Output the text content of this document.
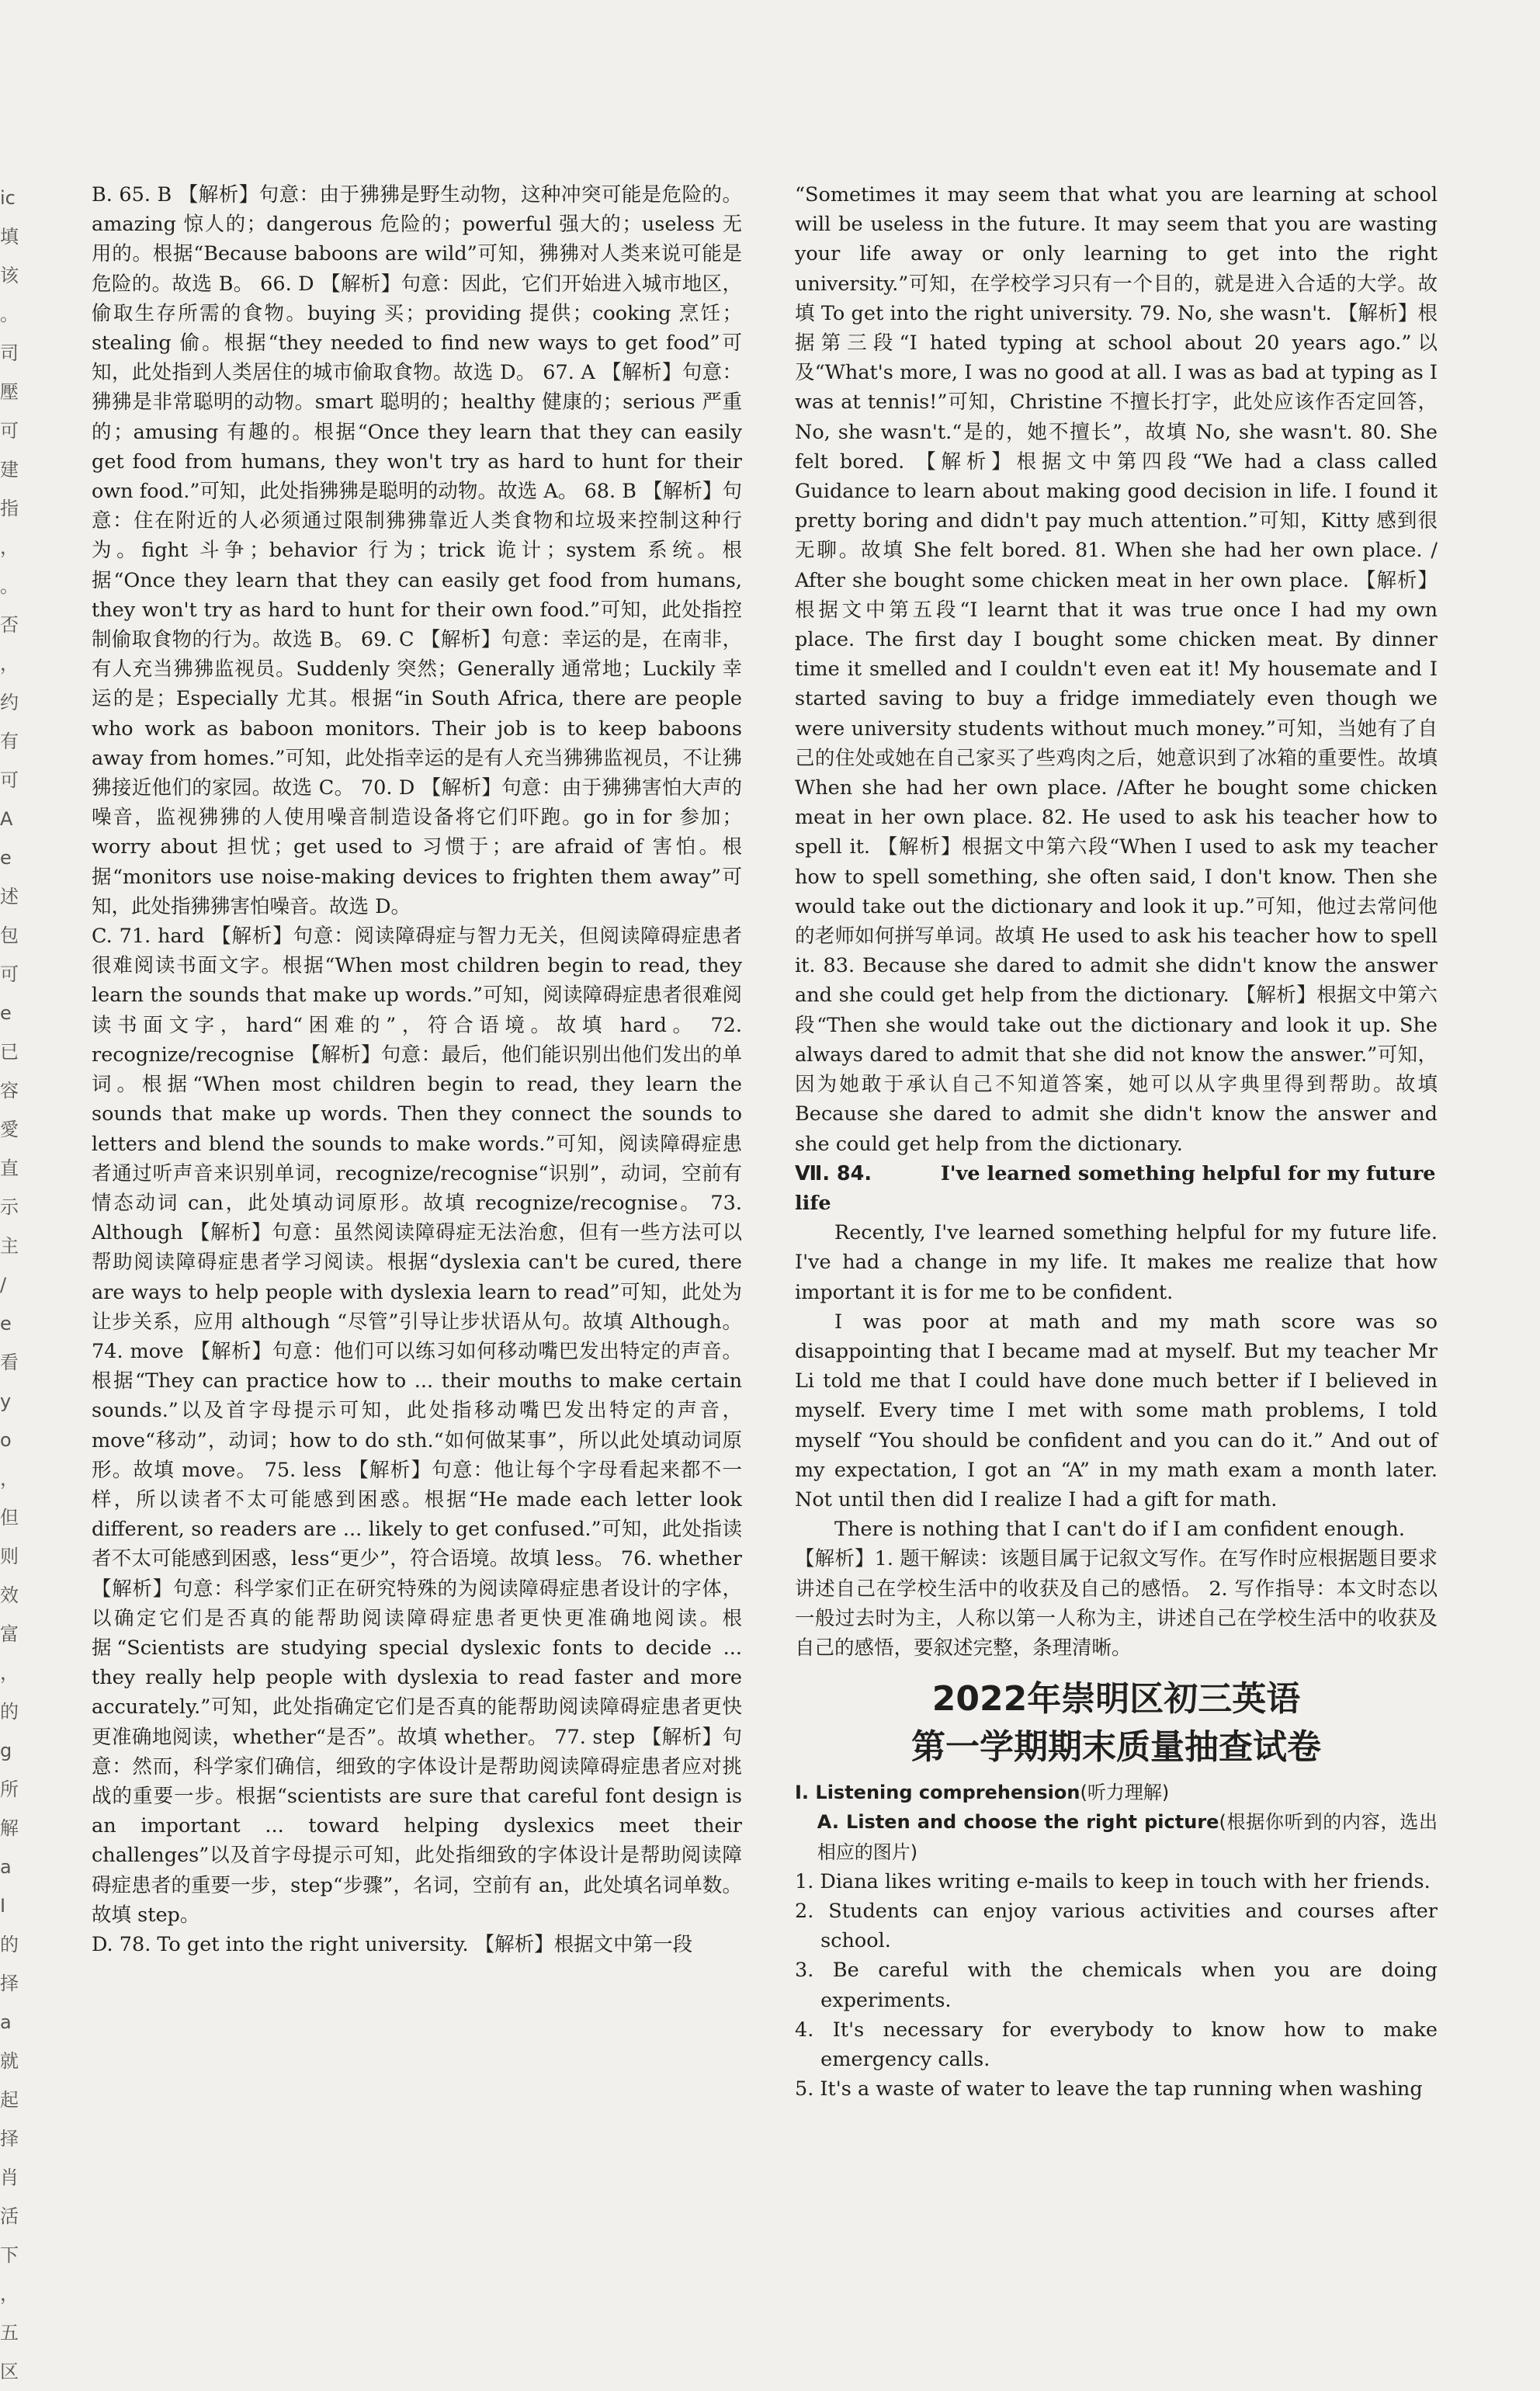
ic
填
该
。
司
壓
可
建
指
，
。
否
，
约
有
可
A
e
述
包
可
e
已
容
愛
直
示
主
/
e
看
y
o
，
但
则
效
富
，
的
g
所
解
a
I
的
择
a
就
起
择
肖
活
下
，
五
区

B. 65. B 【解析】句意：由于狒狒是野生动物，这种冲突可能是危险的。amazing 惊人的；dangerous 危险的；powerful 强大的；useless 无用的。根据“Because baboons are wild”可知，狒狒对人类来说可能是危险的。故选 B。 66. D 【解析】句意：因此，它们开始进入城市地区，偷取生存所需的食物。buying 买；providing 提供；cooking 烹饪；stealing 偷。根据“they needed to find new ways to get food”可知，此处指到人类居住的城市偷取食物。故选 D。 67. A 【解析】句意：狒狒是非常聪明的动物。smart 聪明的；healthy 健康的；serious 严重的；amusing 有趣的。根据“Once they learn that they can easily get food from humans, they won't try as hard to hunt for their own food.”可知，此处指狒狒是聪明的动物。故选 A。 68. B 【解析】句意：住在附近的人必须通过限制狒狒靠近人类食物和垃圾来控制这种行为。fight 斗争；behavior 行为；trick 诡计；system 系统。根据“Once they learn that they can easily get food from humans, they won't try as hard to hunt for their own food.”可知，此处指控制偷取食物的行为。故选 B。 69. C 【解析】句意：幸运的是，在南非，有人充当狒狒监视员。Suddenly 突然；Generally 通常地；Luckily 幸运的是；Especially 尤其。根据“in South Africa, there are people who work as baboon monitors. Their job is to keep baboons away from homes.”可知，此处指幸运的是有人充当狒狒监视员，不让狒狒接近他们的家园。故选 C。 70. D 【解析】句意：由于狒狒害怕大声的噪音，监视狒狒的人使用噪音制造设备将它们吓跑。go in for 参加；worry about 担忧；get used to 习惯于；are afraid of 害怕。根据“monitors use noise-making devices to frighten them away”可知，此处指狒狒害怕噪音。故选 D。

C. 71. hard 【解析】句意：阅读障碍症与智力无关，但阅读障碍症患者很难阅读书面文字。根据“When most children begin to read, they learn the sounds that make up words.”可知，阅读障碍症患者很难阅读书面文字，hard“困难的”，符合语境。故填 hard。 72. recognize/recognise 【解析】句意：最后，他们能识别出他们发出的单词。根据“When most children begin to read, they learn the sounds that make up words. Then they connect the sounds to letters and blend the sounds to make words.”可知，阅读障碍症患者通过听声音来识别单词，recognize/recognise“识别”，动词，空前有情态动词 can，此处填动词原形。故填 recognize/recognise。 73. Although 【解析】句意：虽然阅读障碍症无法治愈，但有一些方法可以帮助阅读障碍症患者学习阅读。根据“dyslexia can't be cured, there are ways to help people with dyslexia learn to read”可知，此处为让步关系，应用 although “尽管”引导让步状语从句。故填 Although。 74. move 【解析】句意：他们可以练习如何移动嘴巴发出特定的声音。根据“They can practice how to ... their mouths to make certain sounds.”以及首字母提示可知，此处指移动嘴巴发出特定的声音，move“移动”，动词；how to do sth.“如何做某事”，所以此处填动词原形。故填 move。 75. less 【解析】句意：他让每个字母看起来都不一样，所以读者不太可能感到困惑。根据“He made each letter look different, so readers are ... likely to get confused.”可知，此处指读者不太可能感到困惑，less“更少”，符合语境。故填 less。 76. whether 【解析】句意：科学家们正在研究特殊的为阅读障碍症患者设计的字体，以确定它们是否真的能帮助阅读障碍症患者更快更准确地阅读。根据“Scientists are studying special dyslexic fonts to decide ... they really help people with dyslexia to read faster and more accurately.”可知，此处指确定它们是否真的能帮助阅读障碍症患者更快更准确地阅读，whether“是否”。故填 whether。 77. step 【解析】句意：然而，科学家们确信，细致的字体设计是帮助阅读障碍症患者应对挑战的重要一步。根据“scientists are sure that careful font design is an important ... toward helping dyslexics meet their challenges”以及首字母提示可知，此处指细致的字体设计是帮助阅读障碍症患者的重要一步，step“步骤”，名词，空前有 an，此处填名词单数。故填 step。

D. 78. To get into the right university. 【解析】根据文中第一段

“Sometimes it may seem that what you are learning at school will be useless in the future. It may seem that you are wasting your life away or only learning to get into the right university.”可知，在学校学习只有一个目的，就是进入合适的大学。故填 To get into the right university. 79. No, she wasn't. 【解析】根据第三段“I hated typing at school about 20 years ago.”以及“What's more, I was no good at all. I was as bad at typing as I was at tennis!”可知，Christine 不擅长打字，此处应该作否定回答，No, she wasn't.“是的，她不擅长”，故填 No, she wasn't. 80. She felt bored. 【解析】根据文中第四段“We had a class called Guidance to learn about making good decision in life. I found it pretty boring and didn't pay much attention.”可知，Kitty 感到很无聊。故填 She felt bored. 81. When she had her own place. / After she bought some chicken meat in her own place. 【解析】根据文中第五段“I learnt that it was true once I had my own place. The first day I bought some chicken meat. By dinner time it smelled and I couldn't even eat it! My housemate and I started saving to buy a fridge immediately even though we were university students without much money.”可知，当她有了自己的住处或她在自己家买了些鸡肉之后，她意识到了冰箱的重要性。故填 When she had her own place. /After he bought some chicken meat in her own place. 82. He used to ask his teacher how to spell it. 【解析】根据文中第六段“When I used to ask my teacher how to spell something, she often said, I don't know. Then she would take out the dictionary and look it up.”可知，他过去常问他的老师如何拼写单词。故填 He used to ask his teacher how to spell it. 83. Because she dared to admit she didn't know the answer and she could get help from the dictionary. 【解析】根据文中第六段“Then she would take out the dictionary and look it up. She always dared to admit that she did not know the answer.”可知，因为她敢于承认自己不知道答案，她可以从字典里得到帮助。故填 Because she dared to admit she didn't know the answer and she could get help from the dictionary.

Ⅶ. 84.	I've learned something helpful for my future life

Recently, I've learned something helpful for my future life. I've had a change in my life. It makes me realize that how important it is for me to be confident.

I was poor at math and my math score was so disappointing that I became mad at myself. But my teacher Mr Li told me that I could have done much better if I believed in myself. Every time I met with some math problems, I told myself “You should be confident and you can do it.” And out of my expectation, I got an “A” in my math exam a month later. Not until then did I realize I had a gift for math.

There is nothing that I can't do if I am confident enough.

【解析】1. 题干解读：该题目属于记叙文写作。在写作时应根据题目要求讲述自己在学校生活中的收获及自己的感悟。 2. 写作指导：本文时态以一般过去时为主，人称以第一人称为主，讲述自己在学校生活中的收获及自己的感悟，要叙述完整，条理清晰。

2022年崇明区初三英语
第一学期期末质量抽查试卷

Ⅰ. Listening comprehension(听力理解)

A. Listen and choose the right picture(根据你听到的内容，选出相应的图片)

1. Diana likes writing e-mails to keep in touch with her friends.

2. Students can enjoy various activities and courses after school.

3. Be careful with the chemicals when you are doing experiments.

4. It's necessary for everybody to know how to make emergency calls.

5. It's a waste of water to leave the tap running when washing
